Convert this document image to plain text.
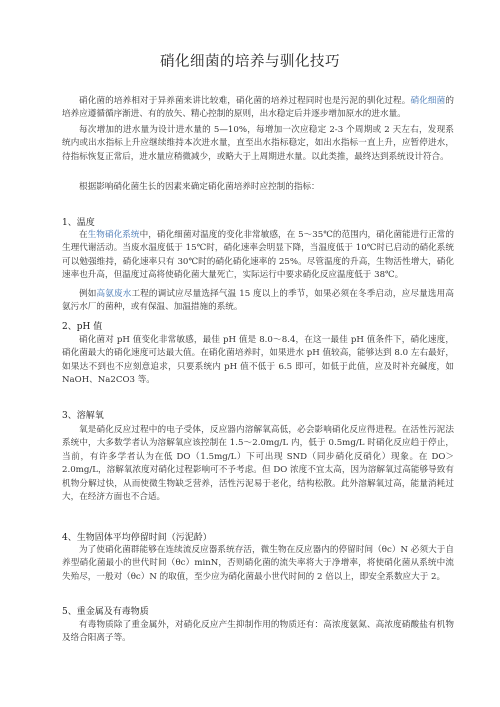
硝化细菌的培养与驯化技巧

硝化菌的培养相对于异养菌来讲比较难，硝化菌的培养过程同时也是污泥的驯化过程。硝化细菌的培养应遵循循序渐进、有的放矢、精心控制的原则，出水稳定后并逐步增加原水的进水量。

每次增加的进水量为设计进水量的 5—10%，每增加一次应稳定 2-3 个周期或 2 天左右，发现系统内或出水指标上升应继续维持本次进水量，直至出水指标稳定，如出水指标一直上升，应暂停进水，待指标恢复正常后，进水量应稍微减少，或略大于上周期进水量。以此类推，最终达到系统设计符合。

根据影响硝化菌生长的因素来确定硝化菌培养时应控制的指标：

1、温度

在生物硝化系统中，硝化细菌对温度的变化非常敏感，在 5～35℃的范围内，硝化菌能进行正常的生理代谢活动。当废水温度低于 15℃时，硝化速率会明显下降，当温度低于 10℃时已启动的硝化系统可以勉强维持，硝化速率只有 30℃时的硝化硝化速率的 25%。尽管温度的升高，生物活性增大，硝化速率也升高，但温度过高将使硝化菌大量死亡，实际运行中要求硝化反应温度低于 38℃。

例如高氨废水工程的调试应尽量选择气温 15 度以上的季节，如果必须在冬季启动，应尽量选用高氨污水厂的菌种，或有保温、加温措施的系统。

2、pH 值

硝化菌对 pH 值变化非常敏感，最佳 pH 值是 8.0～8.4，在这一最佳 pH 值条件下，硝化速度，硝化菌最大的硝化速度可达最大值。在硝化菌培养时，如果进水 pH 值较高，能够达到 8.0 左右最好，如果达不到也不应刻意追求，只要系统内 pH 值不低于 6.5 即可，如低于此值，应及时补充碱度，如 NaOH、Na2CO3 等。

3、溶解氧

氧是硝化反应过程中的电子受体，反应器内溶解氧高低，必会影响硝化反应得进程。在活性污泥法系统中，大多数学者认为溶解氧应该控制在 1.5～2.0mg/L 内，低于 0.5mg/L 时硝化反应趋于停止，当前，有许多学者认为在低 DO（1.5mg/L）下可出现 SND（同步硝化反硝化）现象。在 DO＞2.0mg/L，溶解氧浓度对硝化过程影响可不予考虑。但 DO 浓度不宜太高，因为溶解氧过高能够导致有机物分解过快，从而使微生物缺乏营养，活性污泥易于老化，结构松散。此外溶解氧过高，能量消耗过大，在经济方面也不合适。

4、生物固体平均停留时间（污泥龄）

为了使硝化菌群能够在连续流反应器系统存活，微生物在反应器内的停留时间（θc）N 必须大于自养型硝化菌最小的世代时间（θc）minN，否则硝化菌的流失率将大于净增率，将使硝化菌从系统中流失殆尽，一般对（θc）N 的取值，至少应为硝化菌最小世代时间的 2 倍以上，即安全系数应大于 2。

5、重金属及有毒物质

有毒物质除了重金属外，对硝化反应产生抑制作用的物质还有：高浓度氨氮、高浓度硝酸盐有机物及络合阳离子等。
